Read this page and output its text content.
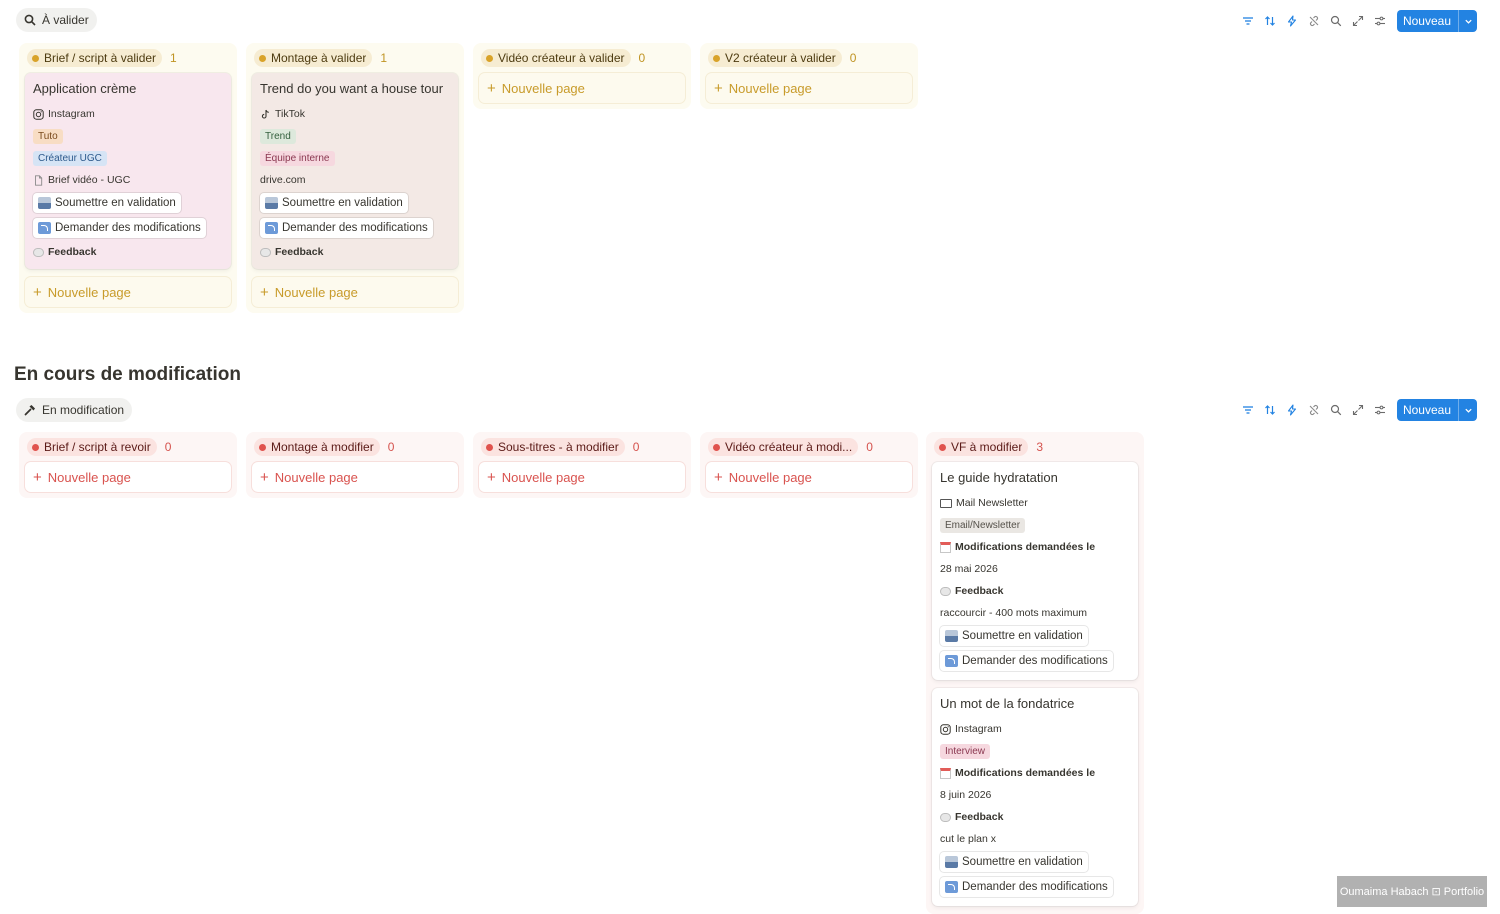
À valider	Nouveau
Brief / script à valider 1
Application crème
Instagram
Tuto
Créateur UGC
Brief vidéo - UGC
Soumettre en validation
Demander des modifications
Feedback
+ Nouvelle page
Montage à valider 1
Trend do you want a house tour
TikTok
Trend
Équipe interne
drive.com
Soumettre en validation
Demander des modifications
Feedback
+ Nouvelle page
Vidéo créateur à valider 0
+ Nouvelle page
V2 créateur à valider 0
+ Nouvelle page
En cours de modification
En modification	Nouveau
Brief / script à revoir 0
+ Nouvelle page
Montage à modifier 0
+ Nouvelle page
Sous-titres - à modifier 0
+ Nouvelle page
Vidéo créateur à modi... 0
+ Nouvelle page
VF à modifier 3
Le guide hydratation
Mail Newsletter
Email/Newsletter
Modifications demandées le
28 mai 2026
Feedback
raccourcir - 400 mots maximum
Soumettre en validation
Demander des modifications
Un mot de la fondatrice
Instagram
Interview
Modifications demandées le
8 juin 2026
Feedback
cut le plan x
Soumettre en validation
Demander des modifications	Oumaima Habach ⊡ Portfolio
